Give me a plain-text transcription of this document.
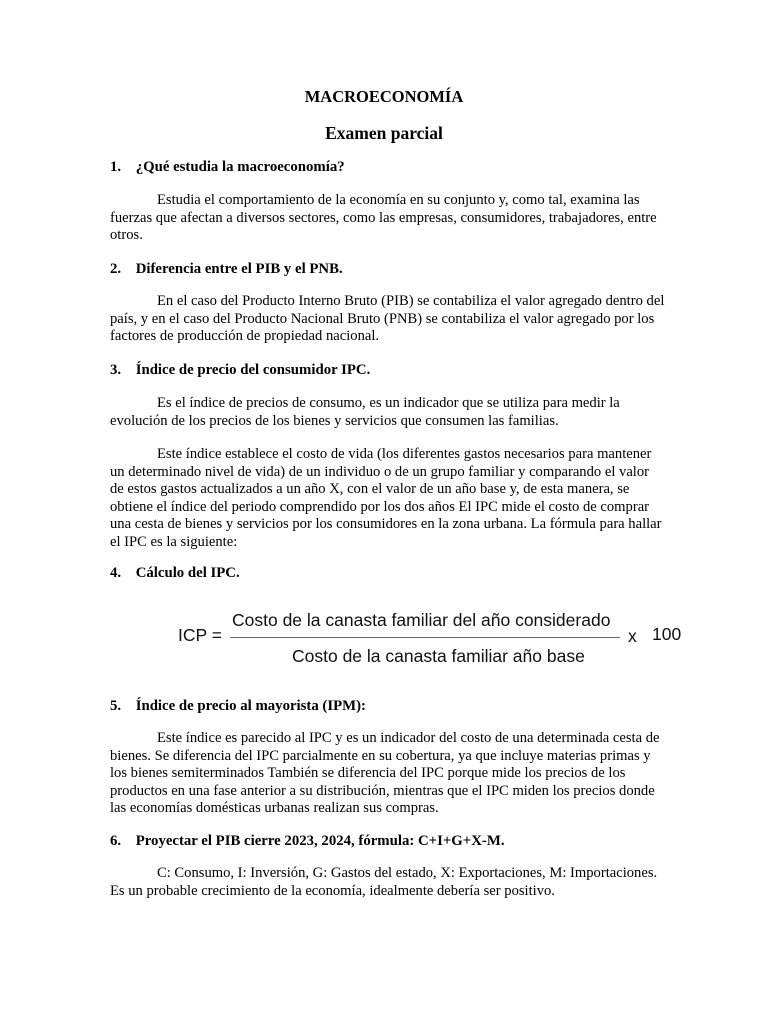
MACROECONOMÍA
Examen parcial
1. ¿Qué estudia la macroeconomía?

Estudia el comportamiento de la economía en su conjunto y, como tal, examina las fuerzas que afectan a diversos sectores, como las empresas, consumidores, trabajadores, entre otros.

2. Diferencia entre el PIB y el PNB.

En el caso del Producto Interno Bruto (PIB) se contabiliza el valor agregado dentro del país, y en el caso del Producto Nacional Bruto (PNB) se contabiliza el valor agregado por los factores de producción de propiedad nacional.

3. Índice de precio del consumidor IPC.

Es el índice de precios de consumo, es un indicador que se utiliza para medir la evolución de los precios de los bienes y servicios que consumen las familias.

Este índice establece el costo de vida (los diferentes gastos necesarios para mantener un determinado nivel de vida) de un individuo o de un grupo familiar y comparando el valor de estos gastos actualizados a un año X, con el valor de un año base y, de esta manera, se obtiene el índice del periodo comprendido por los dos años El IPC mide el costo de comprar una cesta de bienes y servicios por los consumidores en la zona urbana. La fórmula para hallar el IPC es la siguiente:

4. Cálculo del IPC.
ICP =
Costo de la canasta familiar del año considerado
Costo de la canasta familiar año base
x 100
5. Índice de precio al mayorista (IPM):

Este índice es parecido al IPC y es un indicador del costo de una determinada cesta de bienes. Se diferencia del IPC parcialmente en su cobertura, ya que incluye materias primas y los bienes semiterminados También se diferencia del IPC porque mide los precios de los productos en una fase anterior a su distribución, mientras que el IPC miden los precios donde las economías domésticas urbanas realizan sus compras.

6. Proyectar el PIB cierre 2023, 2024, fórmula: C+I+G+X-M.

C: Consumo, I: Inversión, G: Gastos del estado, X: Exportaciones, M: Importaciones. Es un probable crecimiento de la economía, idealmente debería ser positivo.
